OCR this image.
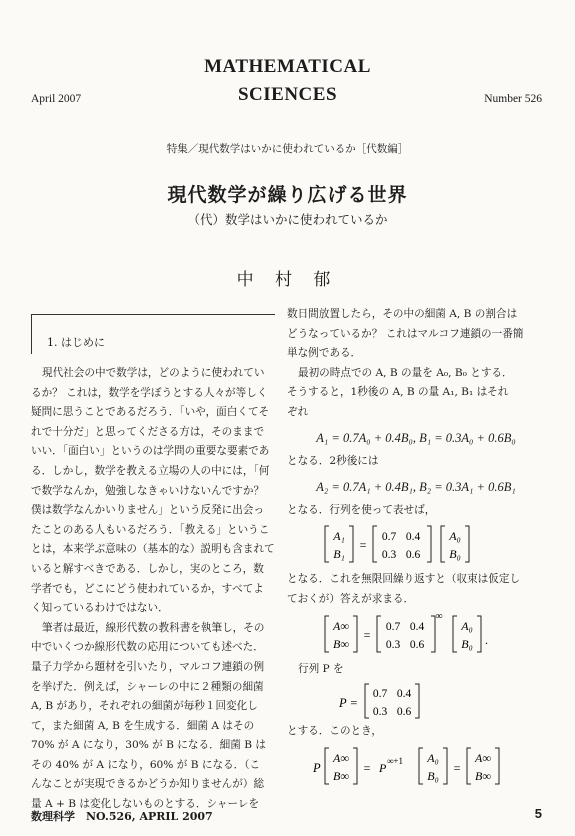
MATHEMATICAL
SCIENCES
April 2007	Number 526
特集／現代数学はいかに使われているか［代数編］
現代数学が繰り広げる世界
（代）数学はいかに使われているか
中 村 郁
1. はじめに

現代社会の中で数学は，どのように使われてい

るか？ これは，数学を学ぼうとする人々が等しく

疑問に思うことであるだろう．「いや，面白くてそ

れで十分だ」と思ってくださる方は，そのままで

いい．「面白い」というのは学問の重要な要素であ

る．しかし，数学を教える立場の人の中には，「何

で数学なんか，勉強しなきゃいけないんですか？

僕は数学なんかいりません」という反発に出会っ

たことのある人もいるだろう．「教える」というこ

とは，本来学ぶ意味の（基本的な）説明も含まれて

いると解すべきである．しかし，実のところ，数

学者でも，どこにどう使われているか，すべてよ

く知っているわけではない．

筆者は最近，線形代数の教科書を執筆し，その

中でいくつか線形代数の応用についても述べた．

量子力学から題材を引いたり，マルコフ連鎖の例

を挙げた．例えば，シャーレの中に２種類の細菌

A, B があり，それぞれの細菌が毎秒１回変化し

て，また細菌 A, B を生成する．細菌 A はその

70% が A になり，30% が B になる．細菌 B は

その 40% が A になり，60% が B になる．（こ

んなことが実現できるかどうか知りませんが）総

量 A + B は変化しないものとする．シャーレを

数日間放置したら，その中の細菌 A, B の割合は

どうなっているか？ これはマルコフ連鎖の一番簡

単な例である．

最初の時点での A, B の量を A₀, B₀ とする．

そうすると，1秒後の A, B の量 A₁, B₁ はそれ

ぞれ

A₁ = 0.7A₀ + 0.4B₀, B₁ = 0.3A₀ + 0.6B₀
となる．2秒後には
A₂ = 0.7A₁ + 0.4B₁, B₂ = 0.3A₁ + 0.6B₁
となる．行列を使って表せば，
A₁
B₁
=
0.7 0.4
0.3 0.6
A₀
B₀

となる．これを無限回繰り返すと（収束は仮定し

ておくが）答えが求まる．

A∞
B∞
=
0.7 0.4
0.3 0.6
∞
A₀
B₀ .
行列 P を
P =
0.7 0.4
0.3 0.6
とする．このとき，
P
A∞
B∞
= P ∞+1 A₀
B₀
=
A∞
B∞
数理科学　NO.526, APRIL 2007	5
